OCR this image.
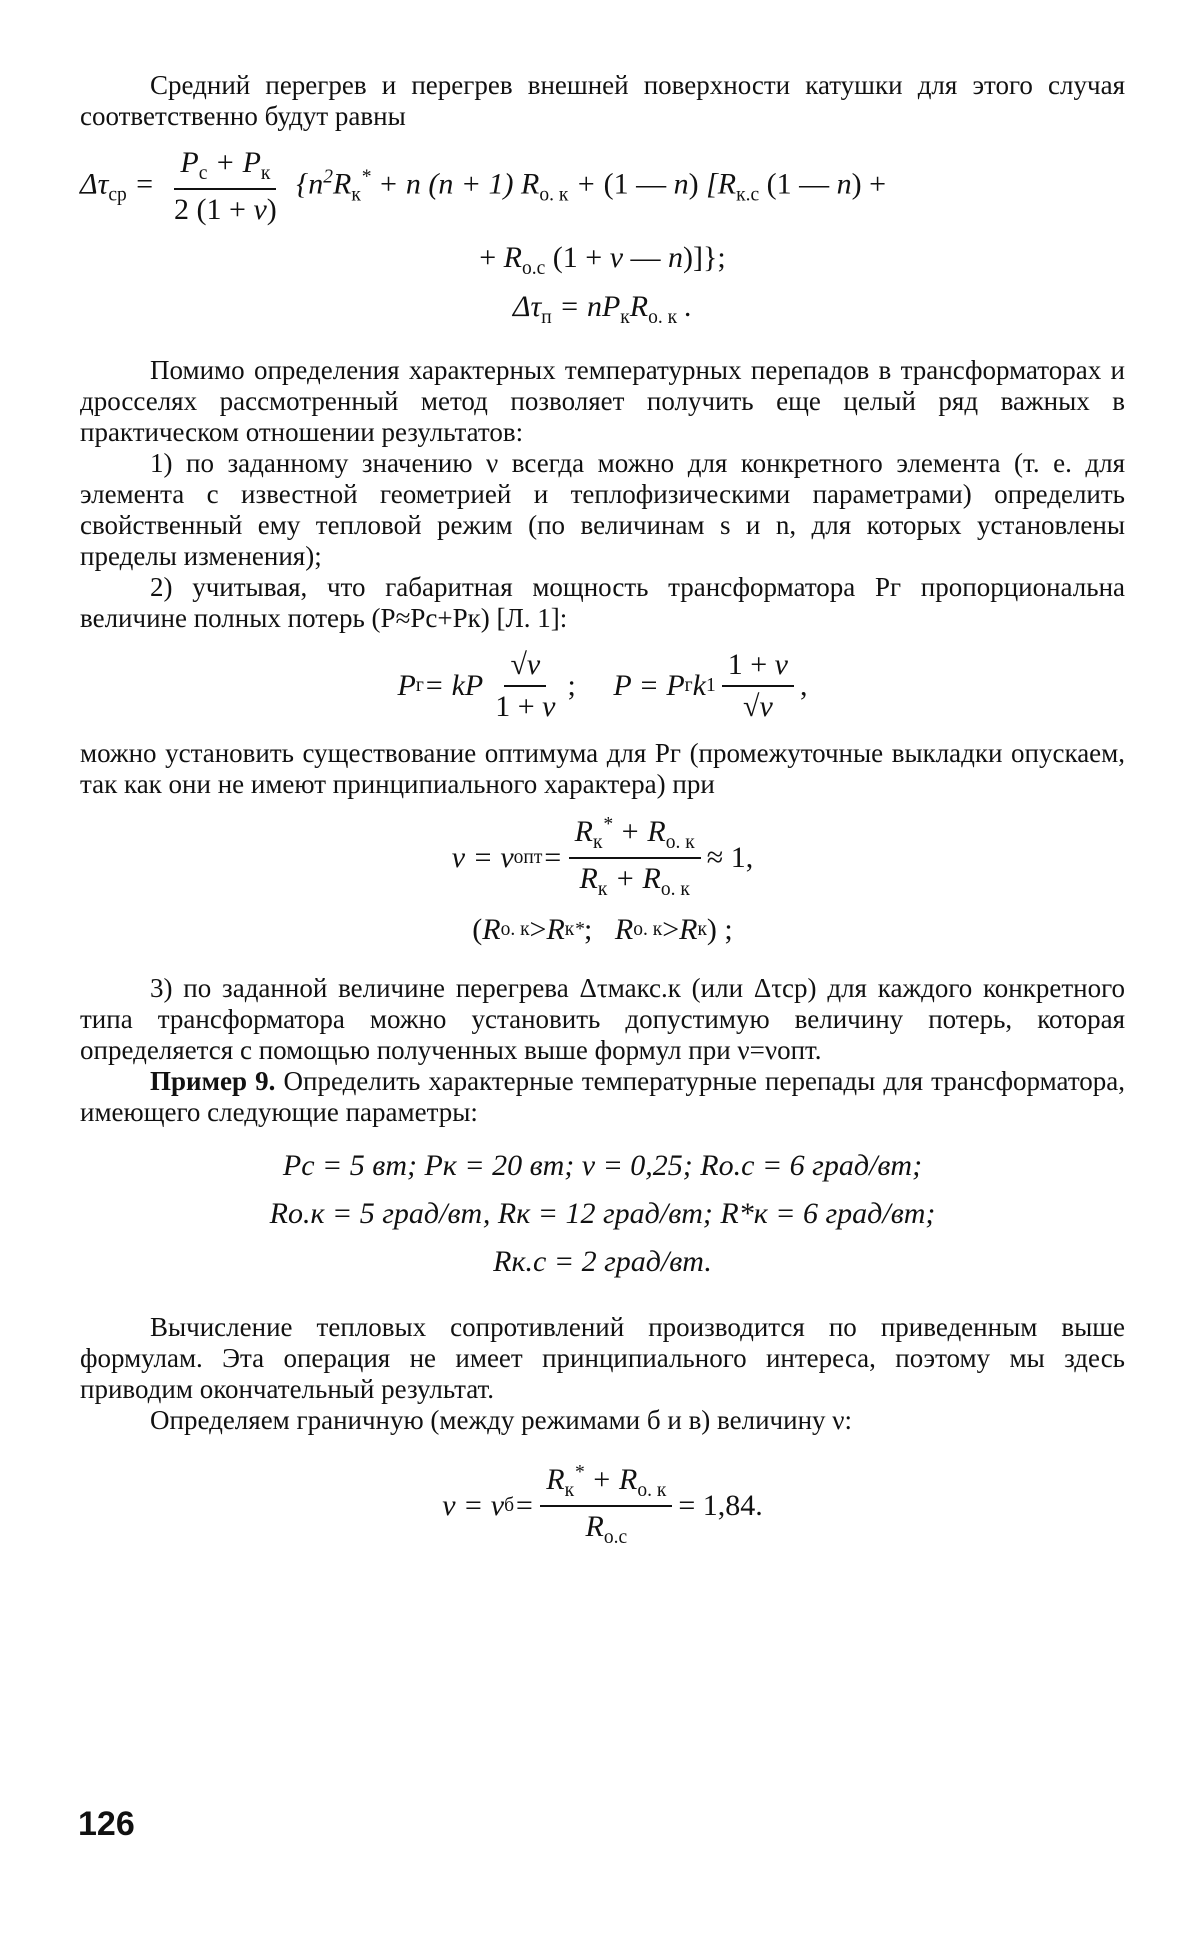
Средний перегрев и перегрев внешней поверхности катушки для этого случая соответственно будут равны

$\Delta\tau_{ср} = \frac{P_с + P_к}{2 (1 + \nu)} \{n^2R_к^* + n$ (n + 1) $R_{о. к} + (1$ — n) [$R_{к.с}$ (1 — n) +
+ $R_{о.с}$ (1 + ν — n)]};
$\Delta\tau_п = nP_кR_{о. к}$ .

Помимо определения характерных температурных перепадов в трансформаторах и дросселях рассмотренный метод позволяет получить еще целый ряд важных в практическом отношении результатов:

1) по заданному значению ν всегда можно для конкретного элемента (т. е. для элемента с известной геометрией и теплофизическими параметрами) определить свойственный ему тепловой режим (по величинам s и n, для которых установлены пределы изменения);

2) учитывая, что габаритная мощность трансформатора Pг пропорциональна величине полных потерь (P≈Pс+Pк) [Л. 1]:

P г = kP $\frac{√\nu}{1 + \nu}$ ; P = P г k $1 \frac{1 + \nu}{√\nu}$ ,

можно установить существование оптимума для Pг (промежуточные выкладки опускаем, так как они не имеют принципиального характера) при

ν = ν опт = $\frac{R_к^* + R_{о. к}}{R_к + R_{о. к}} \approx 1$,
( R о. к > R к * ; R о. к > R к ) ;

3) по заданной величине перегрева Δτмакс.к (или Δτср) для каждого конкретного типа трансформатора можно установить допустимую величину потерь, которая определяется с помощью полученных выше формул при ν=νопт.

Пример 9. Определить характерные температурные перепады для трансформатора, имеющего следующие параметры:

Pс = 5 вт; Pк = 20 вт; ν = 0,25; Rо.с = 6 град/вт;
Rо.к = 5 град/вт, Rк = 12 град/вт; R*к = 6 град/вт;
Rк.с = 2 град/вт.

Вычисление тепловых сопротивлений производится по приведенным выше формулам. Эта операция не имеет принципиального интереса, поэтому мы здесь приводим окончательный результат.

Определяем граничную (между режимами б и в) величину ν:

ν = ν $б = \frac{R_к^* + R_{о. к}}{R_{о.с}} = 1,84$.
126
